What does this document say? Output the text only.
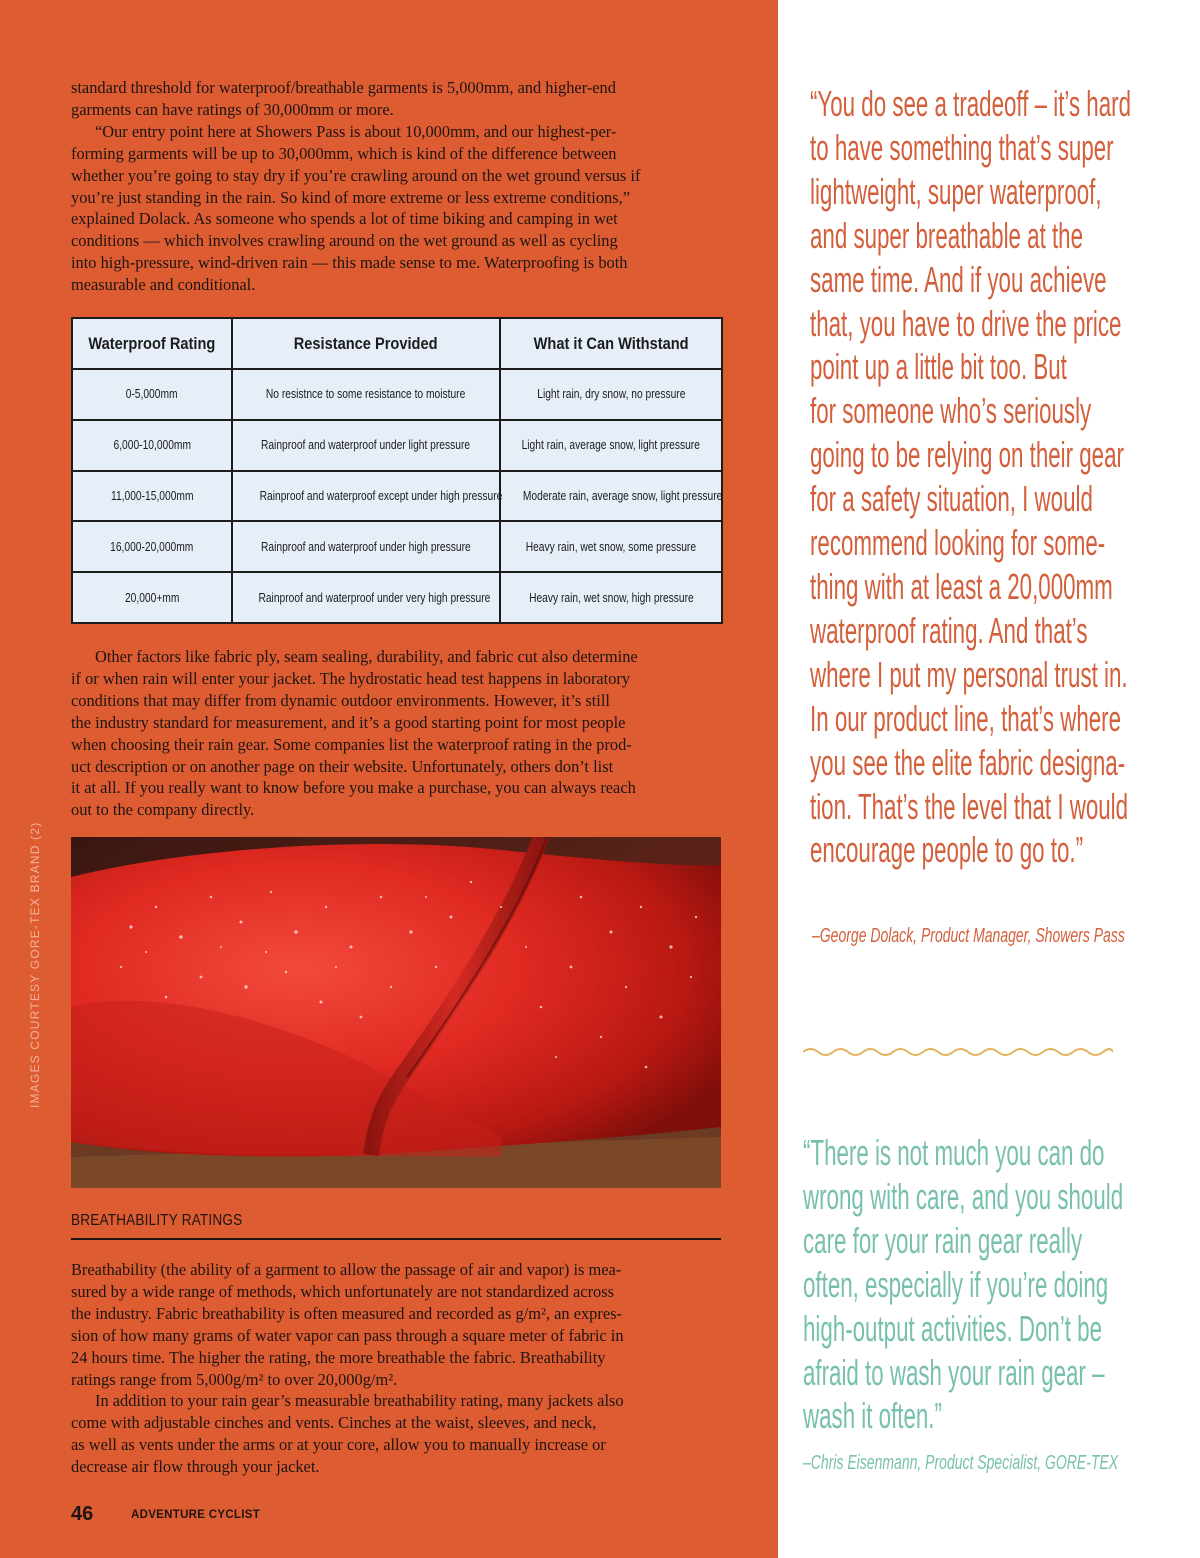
IMAGES COURTESY GORE-TEX BRAND (2)

standard threshold for waterproof/breathable garments is 5,000mm, and higher-end

garments can have ratings of 30,000mm or more.

“Our entry point here at Showers Pass is about 10,000mm, and our highest-per-

forming garments will be up to 30,000mm, which is kind of the difference between

whether you’re going to stay dry if you’re crawling around on the wet ground versus if

you’re just standing in the rain. So kind of more extreme or less extreme conditions,”

explained Dolack. As someone who spends a lot of time biking and camping in wet

conditions — which involves crawling around on the wet ground as well as cycling

into high-pressure, wind-driven rain — this made sense to me. Waterproofing is both

measurable and conditional.

Waterproof Rating	Resistance Provided	What it Can Withstand
0-5,000mm	No resistnce to some resistance to moisture	Light rain, dry snow, no pressure
6,000-10,000mm	Rainproof and waterproof under light pressure	Light rain, average snow, light pressure
11,000-15,000mm	Rainproof and waterproof except under high pressure	Moderate rain, average snow, light pressure
16,000-20,000mm	Rainproof and waterproof under high pressure	Heavy rain, wet snow, some pressure
20,000+mm	Rainproof and waterproof under very high pressure	Heavy rain, wet snow, high pressure

Other factors like fabric ply, seam sealing, durability, and fabric cut also determine

if or when rain will enter your jacket. The hydrostatic head test happens in laboratory

conditions that may differ from dynamic outdoor environments. However, it’s still

the industry standard for measurement, and it’s a good starting point for most people

when choosing their rain gear. Some companies list the waterproof rating in the prod-

uct description or on another page on their website. Unfortunately, others don’t list

it at all. If you really want to know before you make a purchase, you can always reach

out to the company directly.

BREATHABILITY RATINGS

Breathability (the ability of a garment to allow the passage of air and vapor) is mea-

sured by a wide range of methods, which unfortunately are not standardized across

the industry. Fabric breathability is often measured and recorded as g/m², an expres-

sion of how many grams of water vapor can pass through a square meter of fabric in

24 hours time. The higher the rating, the more breathable the fabric. Breathability

ratings range from 5,000g/m² to over 20,000g/m².

In addition to your rain gear’s measurable breathability rating, many jackets also

come with adjustable cinches and vents. Cinches at the waist, sleeves, and neck,

as well as vents under the arms or at your core, allow you to manually increase or

decrease air flow through your jacket.

46	ADVENTURE CYCLIST
“You do see a tradeoff – it’s hard
to have something that’s super
lightweight, super waterproof,
and super breathable at the
same time. And if you achieve
that, you have to drive the price
point up a little bit too. But
for someone who’s seriously
going to be relying on their gear
for a safety situation, I would
recommend looking for some-
thing with at least a 20,000mm
waterproof rating. And that’s
where I put my personal trust in.
In our product line, that’s where
you see the elite fabric designa-
tion. That’s the level that I would
encourage people to go to.”
–George Dolack, Product Manager, Showers Pass
“There is not much you can do
wrong with care, and you should
care for your rain gear really
often, especially if you’re doing
high-output activities. Don’t be
afraid to wash your rain gear –
wash it often.”
–Chris Eisenmann, Product Specialist, GORE-TEX
